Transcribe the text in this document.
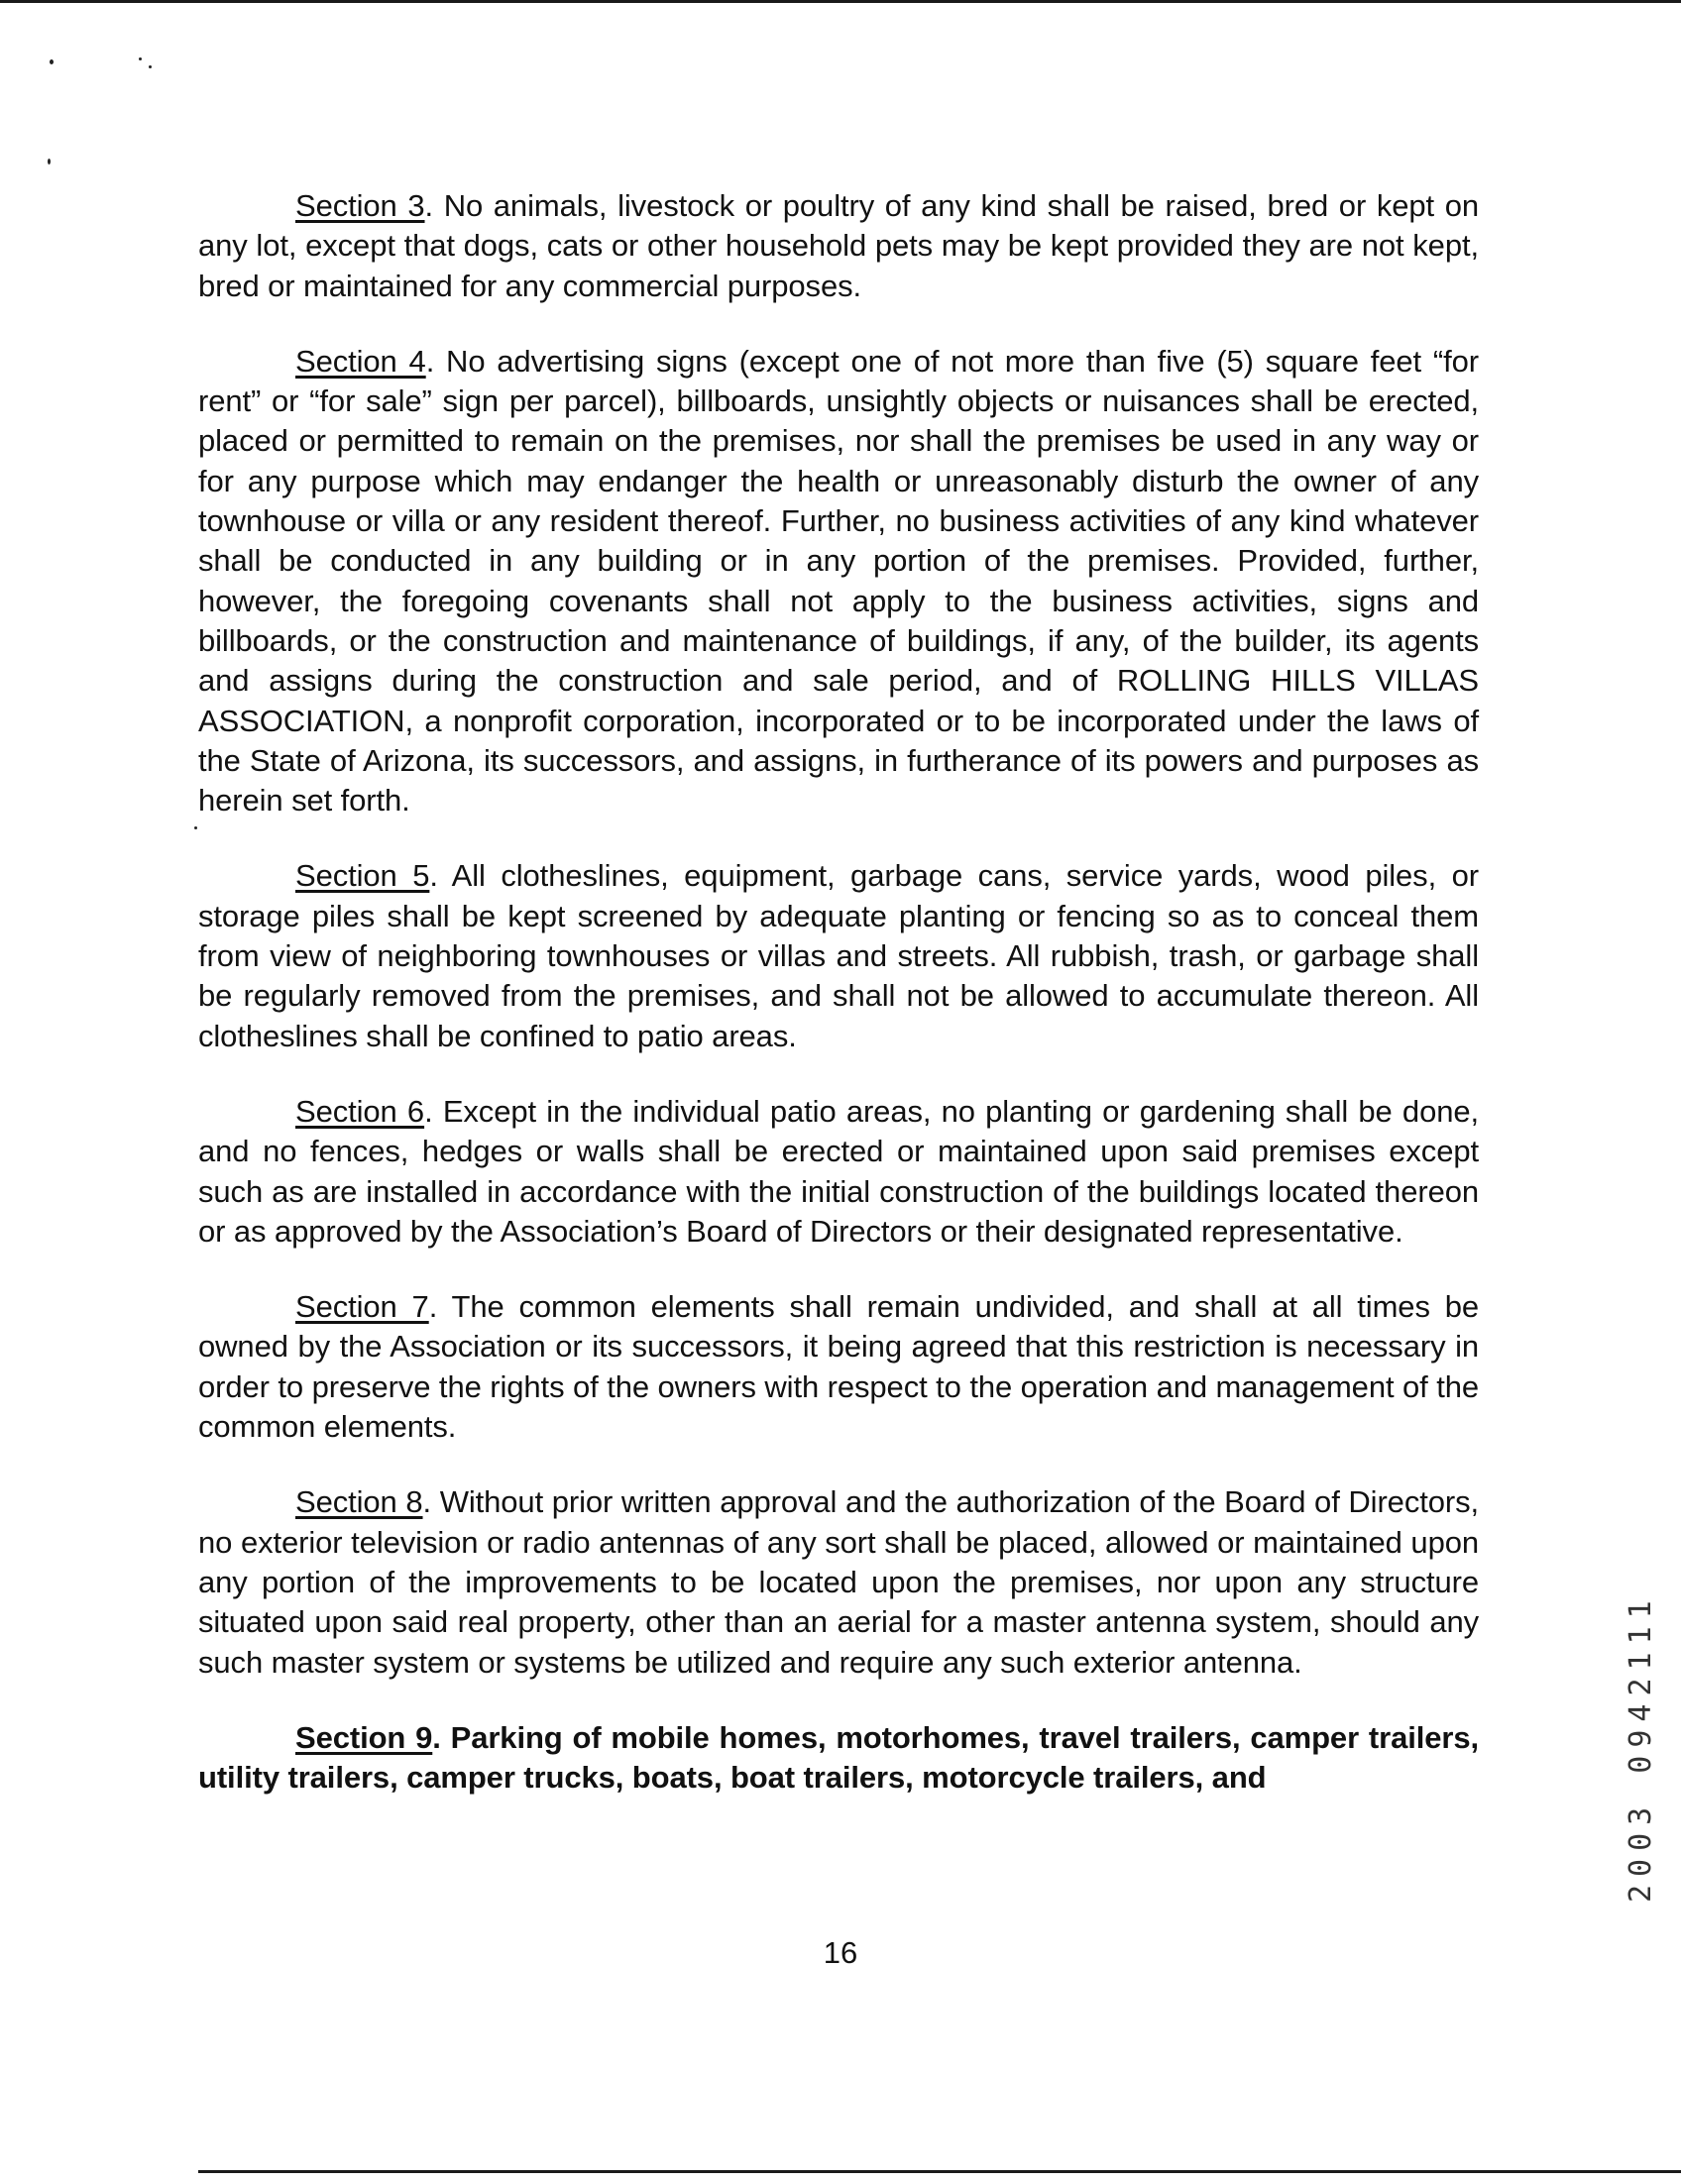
Section 3. No animals, livestock or poultry of any kind shall be raised, bred or kept on any lot, except that dogs, cats or other household pets may be kept provided they are not kept, bred or maintained for any commercial purposes.

Section 4. No advertising signs (except one of not more than five (5) square feet “for rent” or “for sale” sign per parcel), billboards, unsightly objects or nuisances shall be erected, placed or permitted to remain on the premises, nor shall the premises be used in any way or for any purpose which may endanger the health or unreasonably disturb the owner of any townhouse or villa or any resident thereof. Further, no business activities of any kind whatever shall be conducted in any building or in any portion of the premises. Provided, further, however, the foregoing covenants shall not apply to the business activities, signs and billboards, or the construction and maintenance of buildings, if any, of the builder, its agents and assigns during the construction and sale period, and of ROLLING HILLS VILLAS ASSOCIATION, a nonprofit corporation, incorporated or to be incorporated under the laws of the State of Arizona, its successors, and assigns, in furtherance of its powers and purposes as herein set forth.

Section 5. All clotheslines, equipment, garbage cans, service yards, wood piles, or storage piles shall be kept screened by adequate planting or fencing so as to conceal them from view of neighboring townhouses or villas and streets. All rubbish, trash, or garbage shall be regularly removed from the premises, and shall not be allowed to accumulate thereon. All clotheslines shall be confined to patio areas.

Section 6. Except in the individual patio areas, no planting or gardening shall be done, and no fences, hedges or walls shall be erected or maintained upon said premises except such as are installed in accordance with the initial construction of the buildings located thereon or as approved by the Association’s Board of Directors or their designated representative.

Section 7. The common elements shall remain undivided, and shall at all times be owned by the Association or its successors, it being agreed that this restriction is necessary in order to preserve the rights of the owners with respect to the operation and management of the common elements.

Section 8. Without prior written approval and the authorization of the Board of Directors, no exterior television or radio antennas of any sort shall be placed, allowed or maintained upon any portion of the improvements to be located upon the premises, nor upon any structure situated upon said real property, other than an aerial for a master antenna system, should any such master system or systems be utilized and require any such exterior antenna.

Section 9. Parking of mobile homes, motorhomes, travel trailers, camper trailers, utility trailers, camper trucks, boats, boat trailers, motorcycle trailers, and

16
2003 0942111
